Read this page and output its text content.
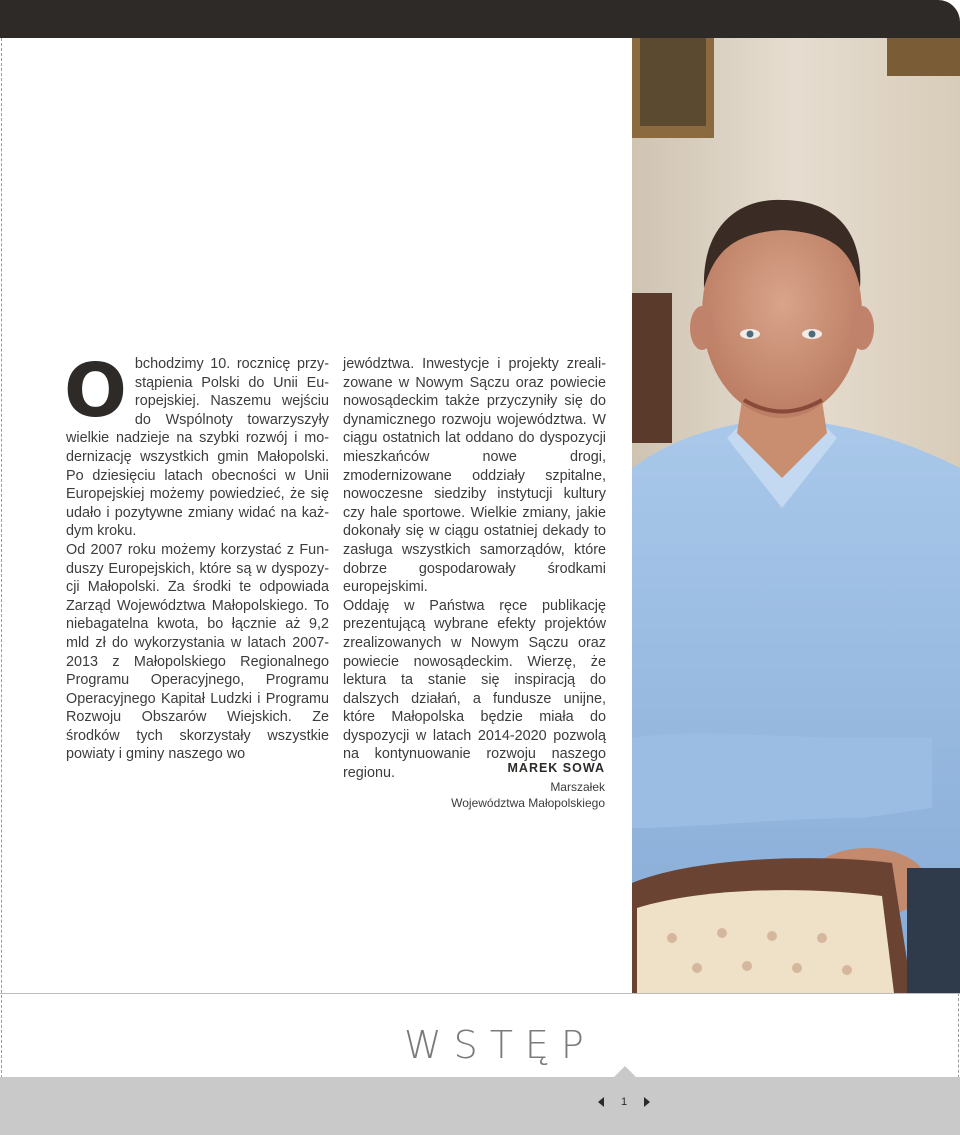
O bchodzimy 10. rocznicę przystąpienia Polski do Unii Europejskiej. Naszemu wejściu do Wspólnoty towarzyszyły wielkie nadzieje na szybki rozwój i modernizację wszystkich gmin Małopolski. Po dziesięciu latach obecności w Unii Europejskiej możemy powiedzieć, że się udało i pozytywne zmiany widać na każdym kroku.

Od 2007 roku możemy korzystać z Funduszy Europejskich, które są w dyspozycji Małopolski. Za środki te odpowiada Zarząd Województwa Małopolskiego. To niebagatelna kwota, bo łącznie aż 9,2 mld zł do wykorzystania w latach 2007-2013 z Małopolskiego Regionalnego Programu Operacyjnego, Programu Operacyjnego Kapitał Ludzki i Programu Rozwoju Obszarów Wiejskich. Ze środków tych skorzystały wszystkie powiaty i gminy naszego wo

jewództwa. Inwestycje i projekty zrealizowane w Nowym Sączu oraz powiecie nowosądeckim także przyczyniły się do dynamicznego rozwoju województwa. W ciągu ostatnich lat oddano do dyspozycji mieszkańców nowe drogi, zmodernizowane oddziały szpitalne, nowoczesne siedziby instytucji kultury czy hale sportowe. Wielkie zmiany, jakie dokonały się w ciągu ostatniej dekady to zasługa wszystkich samorządów, które dobrze gospodarowały środkami europejskimi.

Oddaję w Państwa ręce publikację prezentującą wybrane efekty projektów zrealizowanych w Nowym Sączu oraz powiecie nowosądeckim. Wierzę, że lektura ta stanie się inspiracją do dalszych działań, a fundusze unijne, które Małopolska będzie miała do dyspozycji w latach 2014-2020 pozwolą na kontynuowanie rozwoju naszego regionu.	MAREK SOWA
Marszałek
Województwa Małopolskiego
WSTĘP
1
